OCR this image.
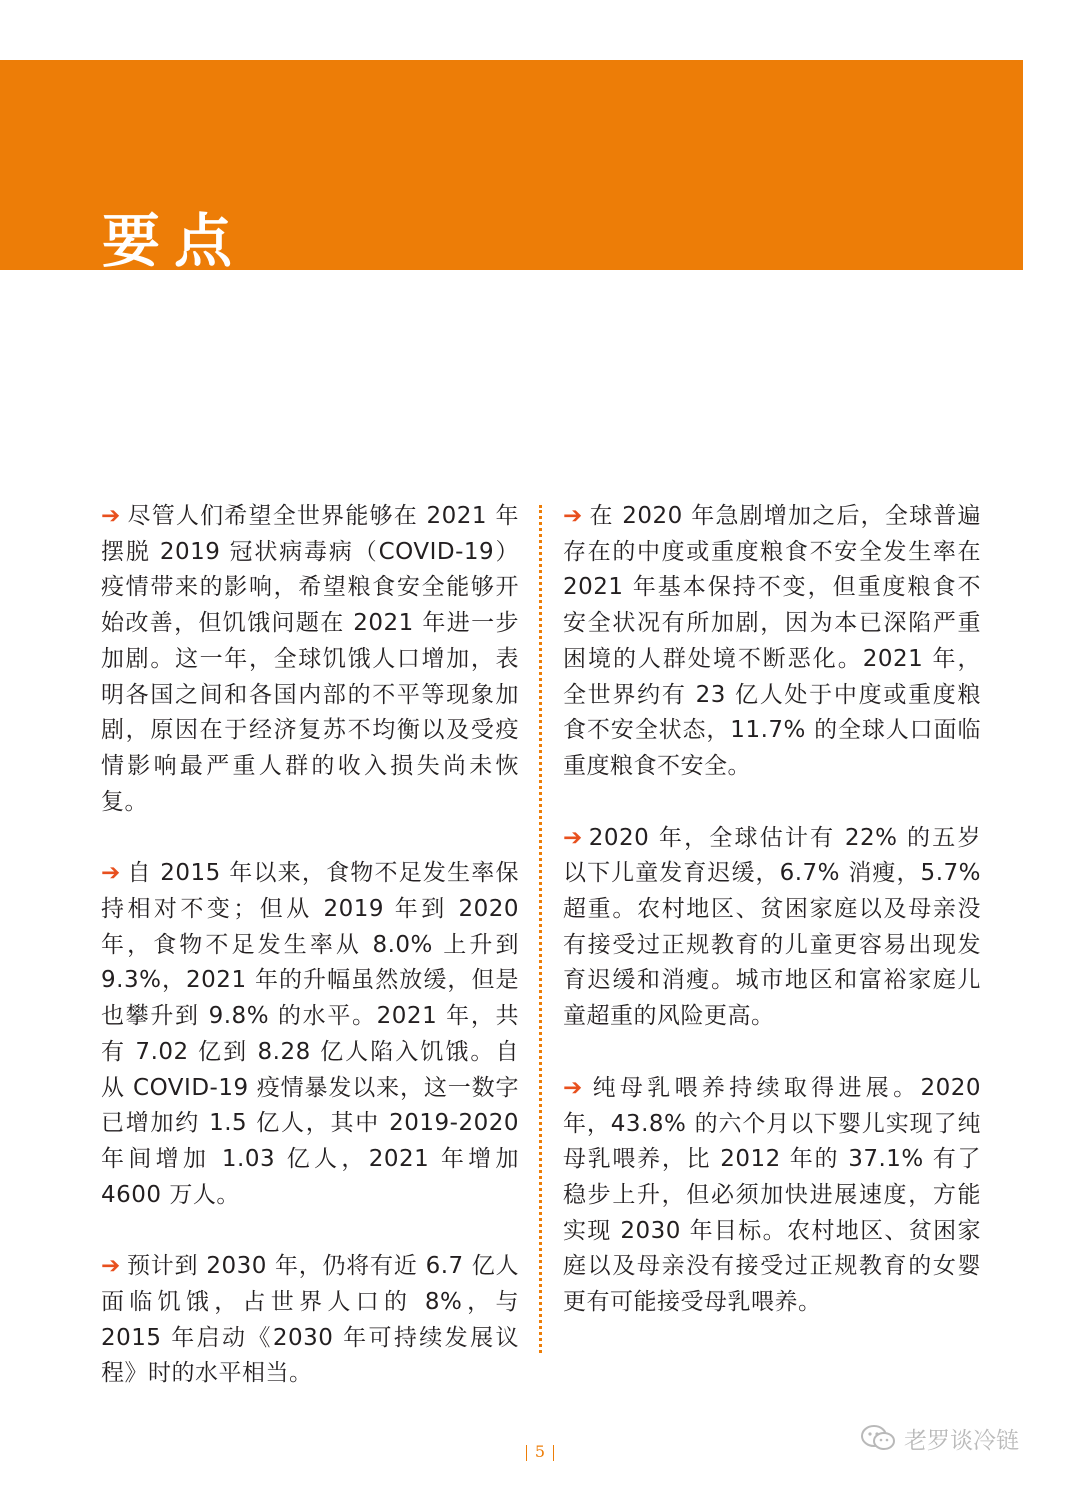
要点

➔ 尽管人们希望全世界能够在 2021 年摆脱 2019 冠状病毒病（COVID-19）疫情带来的影响，希望粮食安全能够开始改善，但饥饿问题在 2021 年进一步加剧。这一年，全球饥饿人口增加，表明各国之间和各国内部的不平等现象加剧，原因在于经济复苏不均衡以及受疫情影响最严重人群的收入损失尚未恢复。

➔ 自 2015 年以来，食物不足发生率保持相对不变；但从 2019 年到 2020 年，食物不足发生率从 8.0% 上升到 9.3%，2021 年的升幅虽然放缓，但是也攀升到 9.8% 的水平。2021 年，共有 7.02 亿到 8.28 亿人陷入饥饿。自从 COVID-19 疫情暴发以来，这一数字已增加约 1.5 亿人，其中 2019-2020 年间增加 1.03 亿人，2021 年增加 4600 万人。

➔ 预计到 2030 年，仍将有近 6.7 亿人面临饥饿，占世界人口的 8%，与 2015 年启动《2030 年可持续发展议程》时的水平相当。

➔ 在 2020 年急剧增加之后，全球普遍存在的中度或重度粮食不安全发生率在 2021 年基本保持不变，但重度粮食不安全状况有所加剧，因为本已深陷严重困境的人群处境不断恶化。2021 年，全世界约有 23 亿人处于中度或重度粮食不安全状态，11.7% 的全球人口面临重度粮食不安全。

➔ 2020 年，全球估计有 22% 的五岁以下儿童发育迟缓，6.7% 消瘦，5.7% 超重。农村地区、贫困家庭以及母亲没有接受过正规教育的儿童更容易出现发育迟缓和消瘦。城市地区和富裕家庭儿童超重的风险更高。

➔ 纯母乳喂养持续取得进展。2020 年，43.8% 的六个月以下婴儿实现了纯母乳喂养，比 2012 年的 37.1% 有了稳步上升，但必须加快进展速度，方能实现 2030 年目标。农村地区、贫困家庭以及母亲没有接受过正规教育的女婴更有可能接受母乳喂养。

5	老罗谈冷链
